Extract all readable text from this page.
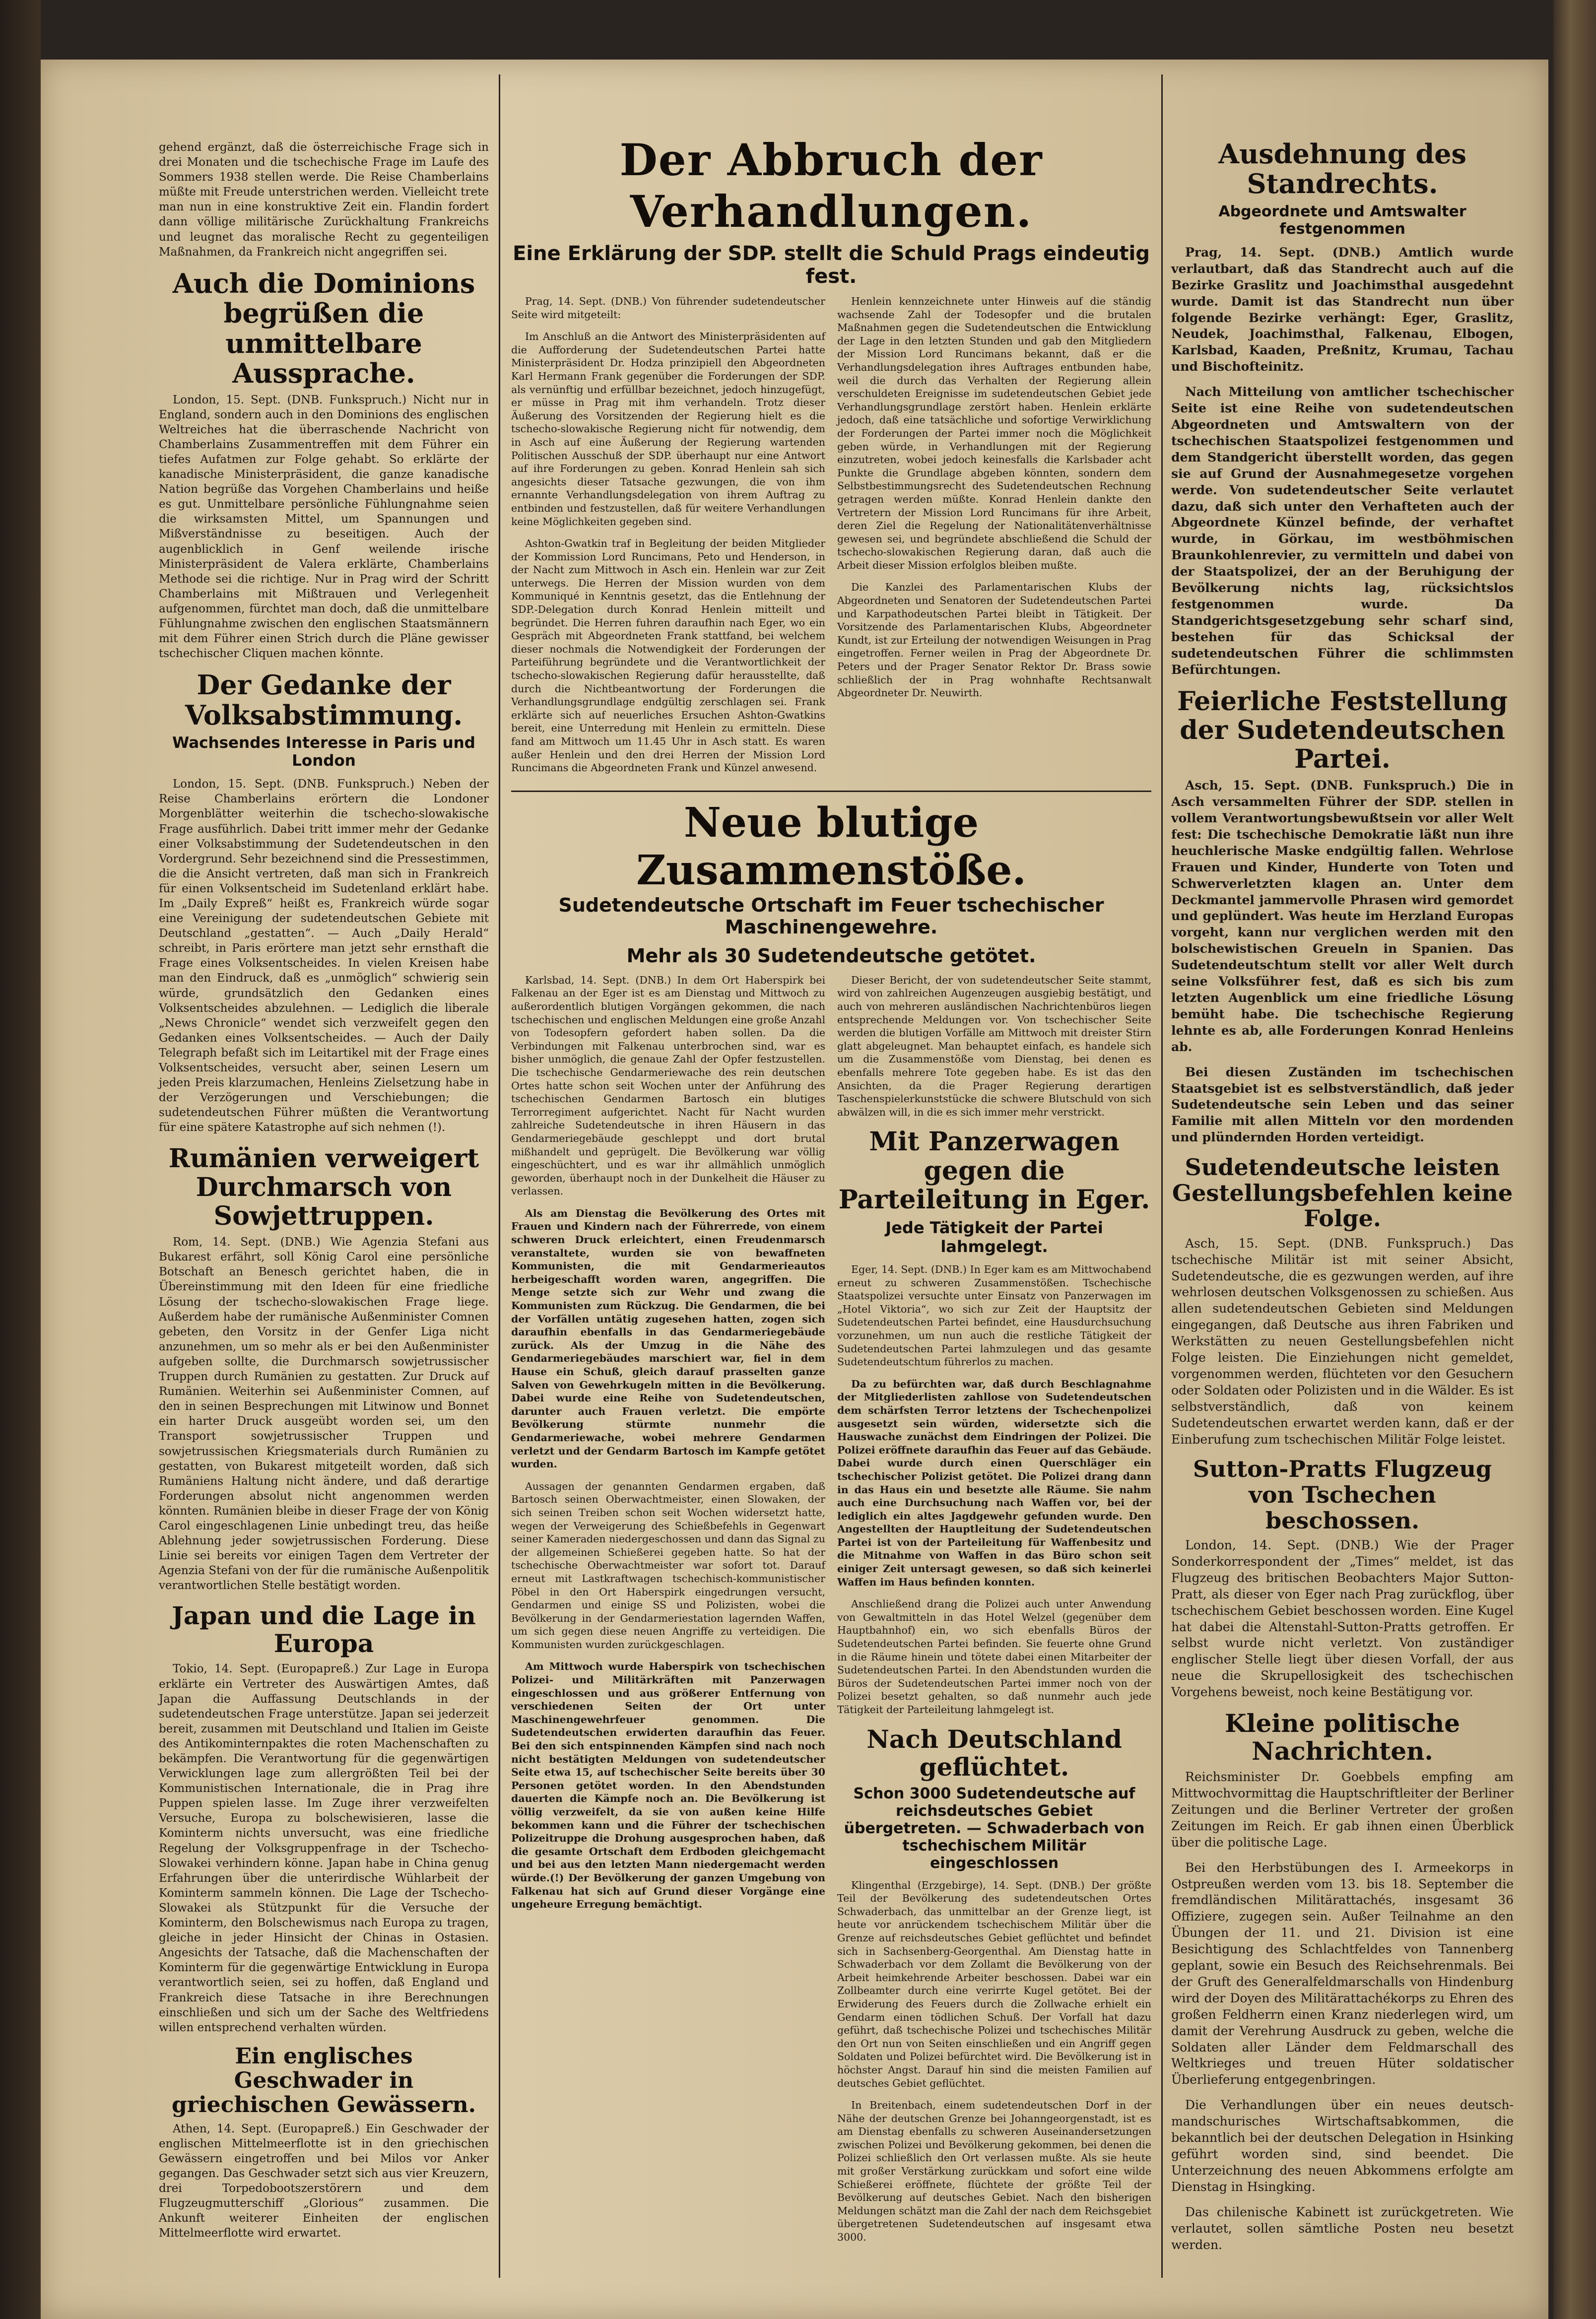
gehend ergänzt, daß die österreichische Frage sich in drei Monaten und die tschechische Frage im Laufe des Sommers 1938 stellen werde. Die Reise Chamberlains müßte mit Freude unterstrichen werden. Vielleicht trete man nun in eine konstruktive Zeit ein. Flandin fordert dann völlige militärische Zurückhaltung Frankreichs und leugnet das moralische Recht zu gegenteiligen Maßnahmen, da Frankreich nicht angegriffen sei.

Auch die Dominions begrüßen die unmittelbare Aussprache.

London, 15. Sept. (DNB. Funkspruch.) Nicht nur in England, sondern auch in den Dominions des englischen Weltreiches hat die überraschende Nachricht von Chamberlains Zusammentreffen mit dem Führer ein tiefes Aufatmen zur Folge gehabt. So erklärte der kanadische Ministerpräsident, die ganze kanadische Nation begrüße das Vorgehen Chamberlains und heiße es gut. Unmittelbare persönliche Fühlungnahme seien die wirksamsten Mittel, um Spannungen und Mißverständnisse zu beseitigen. Auch der augenblicklich in Genf weilende irische Ministerpräsident de Valera erklärte, Chamberlains Methode sei die richtige. Nur in Prag wird der Schritt Chamberlains mit Mißtrauen und Verlegenheit aufgenommen, fürchtet man doch, daß die unmittelbare Fühlungnahme zwischen den englischen Staatsmännern mit dem Führer einen Strich durch die Pläne gewisser tschechischer Cliquen machen könnte.

Der Gedanke der Volksabstimmung.
Wachsendes Interesse in Paris und London

London, 15. Sept. (DNB. Funkspruch.) Neben der Reise Chamberlains erörtern die Londoner Morgenblätter weiterhin die tschecho-slowakische Frage ausführlich. Dabei tritt immer mehr der Gedanke einer Volksabstimmung der Sudetendeutschen in den Vordergrund. Sehr bezeichnend sind die Pressestimmen, die die Ansicht vertreten, daß man sich in Frankreich für einen Volksentscheid im Sudetenland erklärt habe. Im „Daily Expreß“ heißt es, Frankreich würde sogar eine Vereinigung der sudetendeutschen Gebiete mit Deutschland „gestatten“. — Auch „Daily Herald“ schreibt, in Paris erörtere man jetzt sehr ernsthaft die Frage eines Volksentscheides. In vielen Kreisen habe man den Eindruck, daß es „unmöglich“ schwierig sein würde, grundsätzlich den Gedanken eines Volksentscheides abzulehnen. — Lediglich die liberale „News Chronicle“ wendet sich verzweifelt gegen den Gedanken eines Volksentscheides. — Auch der Daily Telegraph befaßt sich im Leitartikel mit der Frage eines Volksentscheides, versucht aber, seinen Lesern um jeden Preis klarzumachen, Henleins Zielsetzung habe in der Verzögerungen und Verschiebungen; die sudetendeutschen Führer müßten die Verantwortung für eine spätere Katastrophe auf sich nehmen (!).

Rumänien verweigert Durchmarsch von Sowjettruppen.

Rom, 14. Sept. (DNB.) Wie Agenzia Stefani aus Bukarest erfährt, soll König Carol eine persönliche Botschaft an Benesch gerichtet haben, die in Übereinstimmung mit den Ideen für eine friedliche Lösung der tschecho-slowakischen Frage liege. Außerdem habe der rumänische Außenminister Comnen gebeten, den Vorsitz in der Genfer Liga nicht anzunehmen, um so mehr als er bei den Außenminister aufgeben sollte, die Durchmarsch sowjetrussischer Truppen durch Rumänien zu gestatten. Zur Druck auf Rumänien. Weiterhin sei Außenminister Comnen, auf den in seinen Besprechungen mit Litwinow und Bonnet ein harter Druck ausgeübt worden sei, um den Transport sowjetrussischer Truppen und sowjetrussischen Kriegsmaterials durch Rumänien zu gestatten, von Bukarest mitgeteilt worden, daß sich Rumäniens Haltung nicht ändere, und daß derartige Forderungen absolut nicht angenommen werden könnten. Rumänien bleibe in dieser Frage der von König Carol eingeschlagenen Linie unbedingt treu, das heiße Ablehnung jeder sowjetrussischen Forderung. Diese Linie sei bereits vor einigen Tagen dem Vertreter der Agenzia Stefani von der für die rumänische Außenpolitik verantwortlichen Stelle bestätigt worden.

Japan und die Lage in Europa

Tokio, 14. Sept. (Europapreß.) Zur Lage in Europa erklärte ein Vertreter des Auswärtigen Amtes, daß Japan die Auffassung Deutschlands in der sudetendeutschen Frage unterstütze. Japan sei jederzeit bereit, zusammen mit Deutschland und Italien im Geiste des Antikominternpaktes die roten Machenschaften zu bekämpfen. Die Verantwortung für die gegenwärtigen Verwicklungen lage zum allergrößten Teil bei der Kommunistischen Internationale, die in Prag ihre Puppen spielen lasse. Im Zuge ihrer verzweifelten Versuche, Europa zu bolschewisieren, lasse die Kominterm nichts unversucht, was eine friedliche Regelung der Volksgruppenfrage in der Tschecho-Slowakei verhindern könne. Japan habe in China genug Erfahrungen über die unterirdische Wühlarbeit der Kominterm sammeln können. Die Lage der Tschecho-Slowakei als Stützpunkt für die Versuche der Kominterm, den Bolschewismus nach Europa zu tragen, gleiche in jeder Hinsicht der Chinas in Ostasien. Angesichts der Tatsache, daß die Machenschaften der Kominterm für die gegenwärtige Entwicklung in Europa verantwortlich seien, sei zu hoffen, daß England und Frankreich diese Tatsache in ihre Berechnungen einschließen und sich um der Sache des Weltfriedens willen entsprechend verhalten würden.

Ein englisches Geschwader in griechischen Gewässern.

Athen, 14. Sept. (Europapreß.) Ein Geschwader der englischen Mittelmeerflotte ist in den griechischen Gewässern eingetroffen und bei Milos vor Anker gegangen. Das Geschwader setzt sich aus vier Kreuzern, drei Torpedobootszerstörern und dem Flugzeugmutterschiff „Glorious“ zusammen. Die Ankunft weiterer Einheiten der englischen Mittelmeerflotte wird erwartet.

Der Abbruch der Verhandlungen.
Eine Erklärung der SDP. stellt die Schuld Prags eindeutig fest.

Prag, 14. Sept. (DNB.) Von führender sudetendeutscher Seite wird mitgeteilt:

Im Anschluß an die Antwort des Ministerpräsidenten auf die Aufforderung der Sudetendeutschen Partei hatte Ministerpräsident Dr. Hodza prinzipiell den Abgeordneten Karl Hermann Frank gegenüber die Forderungen der SDP. als vernünftig und erfüllbar bezeichnet, jedoch hinzugefügt, er müsse in Prag mit ihm verhandeln. Trotz dieser Äußerung des Vorsitzenden der Regierung hielt es die tschecho-slowakische Regierung nicht für notwendig, dem in Asch auf eine Äußerung der Regierung wartenden Politischen Ausschuß der SDP. überhaupt nur eine Antwort auf ihre Forderungen zu geben. Konrad Henlein sah sich angesichts dieser Tatsache gezwungen, die von ihm ernannte Verhandlungsdelegation von ihrem Auftrag zu entbinden und festzustellen, daß für weitere Verhandlungen keine Möglichkeiten gegeben sind.

Ashton-Gwatkin traf in Begleitung der beiden Mitglieder der Kommission Lord Runcimans, Peto und Henderson, in der Nacht zum Mittwoch in Asch ein. Henlein war zur Zeit unterwegs. Die Herren der Mission wurden von dem Kommuniqué in Kenntnis gesetzt, das die Entlehnung der SDP.-Delegation durch Konrad Henlein mitteilt und begründet. Die Herren fuhren daraufhin nach Eger, wo ein Gespräch mit Abgeordneten Frank stattfand, bei welchem dieser nochmals die Notwendigkeit der Forderungen der Parteiführung begründete und die Verantwortlichkeit der tschecho-slowakischen Regierung dafür herausstellte, daß durch die Nichtbeantwortung der Forderungen die Verhandlungsgrundlage endgültig zerschlagen sei. Frank erklärte sich auf neuerliches Ersuchen Ashton-Gwatkins bereit, eine Unterredung mit Henlein zu ermitteln. Diese fand am Mittwoch um 11.45 Uhr in Asch statt. Es waren außer Henlein und den drei Herren der Mission Lord Runcimans die Abgeordneten Frank und Künzel anwesend.

Henlein kennzeichnete unter Hinweis auf die ständig wachsende Zahl der Todesopfer und die brutalen Maßnahmen gegen die Sudetendeutschen die Entwicklung der Lage in den letzten Stunden und gab den Mitgliedern der Mission Lord Runcimans bekannt, daß er die Verhandlungsdelegation ihres Auftrages entbunden habe, weil die durch das Verhalten der Regierung allein verschuldeten Ereignisse im sudetendeutschen Gebiet jede Verhandlungsgrundlage zerstört haben. Henlein erklärte jedoch, daß eine tatsächliche und sofortige Verwirklichung der Forderungen der Partei immer noch die Möglichkeit geben würde, in Verhandlungen mit der Regierung einzutreten, wobei jedoch keinesfalls die Karlsbader acht Punkte die Grundlage abgeben könnten, sondern dem Selbstbestimmungsrecht des Sudetendeutschen Rechnung getragen werden müßte. Konrad Henlein dankte den Vertretern der Mission Lord Runcimans für ihre Arbeit, deren Ziel die Regelung der Nationalitätenverhältnisse gewesen sei, und begründete abschließend die Schuld der tschecho-slowakischen Regierung daran, daß auch die Arbeit dieser Mission erfolglos bleiben mußte.

Die Kanzlei des Parlamentarischen Klubs der Abgeordneten und Senatoren der Sudetendeutschen Partei und Karpathodeutschen Partei bleibt in Tätigkeit. Der Vorsitzende des Parlamentarischen Klubs, Abgeordneter Kundt, ist zur Erteilung der notwendigen Weisungen in Prag eingetroffen. Ferner weilen in Prag der Abgeordnete Dr. Peters und der Prager Senator Rektor Dr. Brass sowie schließlich der in Prag wohnhafte Rechtsanwalt Abgeordneter Dr. Neuwirth.

Neue blutige Zusammenstöße.
Sudetendeutsche Ortschaft im Feuer tschechischer Maschinengewehre.
Mehr als 30 Sudetendeutsche getötet.

Karlsbad, 14. Sept. (DNB.) In dem Ort Haberspirk bei Falkenau an der Eger ist es am Dienstag und Mittwoch zu außerordentlich blutigen Vorgängen gekommen, die nach tschechischen und englischen Meldungen eine große Anzahl von Todesopfern gefordert haben sollen. Da die Verbindungen mit Falkenau unterbrochen sind, war es bisher unmöglich, die genaue Zahl der Opfer festzustellen. Die tschechische Gendarmeriewache des rein deutschen Ortes hatte schon seit Wochen unter der Anführung des tschechischen Gendarmen Bartosch ein blutiges Terrorregiment aufgerichtet. Nacht für Nacht wurden zahlreiche Sudetendeutsche in ihren Häusern in das Gendarmeriegebäude geschleppt und dort brutal mißhandelt und geprügelt. Die Bevölkerung war völlig eingeschüchtert, und es war ihr allmählich unmöglich geworden, überhaupt noch in der Dunkelheit die Häuser zu verlassen.

Als am Dienstag die Bevölkerung des Ortes mit Frauen und Kindern nach der Führerrede, von einem schweren Druck erleichtert, einen Freudenmarsch veranstaltete, wurden sie von bewaffneten Kommunisten, die mit Gendarmerieautos herbeigeschafft worden waren, angegriffen. Die Menge setzte sich zur Wehr und zwang die Kommunisten zum Rückzug. Die Gendarmen, die bei der Vorfällen untätig zugesehen hatten, zogen sich daraufhin ebenfalls in das Gendarmeriegebäude zurück. Als der Umzug in die Nähe des Gendarmeriegebäudes marschiert war, fiel in dem Hause ein Schuß, gleich darauf prasselten ganze Salven von Gewehrkugeln mitten in die Bevölkerung. Dabei wurde eine Reihe von Sudetendeutschen, darunter auch Frauen verletzt. Die empörte Bevölkerung stürmte nunmehr die Gendarmeriewache, wobei mehrere Gendarmen verletzt und der Gendarm Bartosch im Kampfe getötet wurden.

Aussagen der genannten Gendarmen ergaben, daß Bartosch seinen Oberwachtmeister, einen Slowaken, der sich seinen Treiben schon seit Wochen widersetzt hatte, wegen der Verweigerung des Schießbefehls in Gegenwart seiner Kameraden niedergeschossen und dann das Signal zu der allgemeinen Schießerei gegeben hatte. So hat der tschechische Oberwachtmeister war sofort tot. Darauf erneut mit Lastkraftwagen tschechisch-kommunistischer Pöbel in den Ort Haberspirk eingedrungen versucht, Gendarmen und einige SS und Polizisten, wobei die Bevölkerung in der Gendarmeriestation lagernden Waffen, um sich gegen diese neuen Angriffe zu verteidigen. Die Kommunisten wurden zurückgeschlagen.

Am Mittwoch wurde Haberspirk von tschechischen Polizei- und Militärkräften mit Panzerwagen eingeschlossen und aus größerer Entfernung von verschiedenen Seiten der Ort unter Maschinengewehrfeuer genommen. Die Sudetendeutschen erwiderten daraufhin das Feuer. Bei den sich entspinnenden Kämpfen sind nach noch nicht bestätigten Meldungen von sudetendeutscher Seite etwa 15, auf tschechischer Seite bereits über 30 Personen getötet worden. In den Abendstunden dauerten die Kämpfe noch an. Die Bevölkerung ist völlig verzweifelt, da sie von außen keine Hilfe bekommen kann und die Führer der tschechischen Polizeitruppe die Drohung ausgesprochen haben, daß die gesamte Ortschaft dem Erdboden gleichgemacht und bei aus den letzten Mann niedergemacht werden würde.(!) Der Bevölkerung der ganzen Umgebung von Falkenau hat sich auf Grund dieser Vorgänge eine ungeheure Erregung bemächtigt.

Dieser Bericht, der von sudetendeutscher Seite stammt, wird von zahlreichen Augenzeugen ausgiebig bestätigt, und auch von mehreren ausländischen Nachrichtenbüros liegen entsprechende Meldungen vor. Von tschechischer Seite werden die blutigen Vorfälle am Mittwoch mit dreister Stirn glatt abgeleugnet. Man behauptet einfach, es handele sich um die Zusammenstöße vom Dienstag, bei denen es ebenfalls mehrere Tote gegeben habe. Es ist das den Ansichten, da die Prager Regierung derartigen Taschenspielerkunststücke die schwere Blutschuld von sich abwälzen will, in die es sich immer mehr verstrickt.

Mit Panzerwagen gegen die Parteileitung in Eger.
Jede Tätigkeit der Partei lahmgelegt.

Eger, 14. Sept. (DNB.) In Eger kam es am Mittwochabend erneut zu schweren Zusammenstößen. Tschechische Staatspolizei versuchte unter Einsatz von Panzerwagen im „Hotel Viktoria“, wo sich zur Zeit der Hauptsitz der Sudetendeutschen Partei befindet, eine Hausdurchsuchung vorzunehmen, um nun auch die restliche Tätigkeit der Sudetendeutschen Partei lahmzulegen und das gesamte Sudetendeutschtum führerlos zu machen.

Da zu befürchten war, daß durch Beschlagnahme der Mitgliederlisten zahllose von Sudetendeutschen dem schärfsten Terror letztens der Tschechenpolizei ausgesetzt sein würden, widersetzte sich die Hauswache zunächst dem Eindringen der Polizei. Die Polizei eröffnete daraufhin das Feuer auf das Gebäude. Dabei wurde durch einen Querschläger ein tschechischer Polizist getötet. Die Polizei drang dann in das Haus ein und besetzte alle Räume. Sie nahm auch eine Durchsuchung nach Waffen vor, bei der lediglich ein altes Jagdgewehr gefunden wurde. Den Angestellten der Hauptleitung der Sudetendeutschen Partei ist von der Parteileitung für Waffenbesitz und die Mitnahme von Waffen in das Büro schon seit einiger Zeit untersagt gewesen, so daß sich keinerlei Waffen im Haus befinden konnten.

Anschließend drang die Polizei auch unter Anwendung von Gewaltmitteln in das Hotel Welzel (gegenüber dem Hauptbahnhof) ein, wo sich ebenfalls Büros der Sudetendeutschen Partei befinden. Sie feuerte ohne Grund in die Räume hinein und tötete dabei einen Mitarbeiter der Sudetendeutschen Partei. In den Abendstunden wurden die Büros der Sudetendeutschen Partei immer noch von der Polizei besetzt gehalten, so daß nunmehr auch jede Tätigkeit der Parteileitung lahmgelegt ist.

Nach Deutschland geflüchtet.
Schon 3000 Sudetendeutsche auf reichsdeutsches Gebiet übergetreten. — Schwaderbach von tschechischem Militär eingeschlossen

Klingenthal (Erzgebirge), 14. Sept. (DNB.) Der größte Teil der Bevölkerung des sudetendeutschen Ortes Schwaderbach, das unmittelbar an der Grenze liegt, ist heute vor anrückendem tschechischem Militär über die Grenze auf reichsdeutsches Gebiet geflüchtet und befindet sich in Sachsenberg-Georgenthal. Am Dienstag hatte in Schwaderbach vor dem Zollamt die Bevölkerung von der Arbeit heimkehrende Arbeiter beschossen. Dabei war ein Zollbeamter durch eine verirrte Kugel getötet. Bei der Erwiderung des Feuers durch die Zollwache erhielt ein Gendarm einen tödlichen Schuß. Der Vorfall hat dazu geführt, daß tschechische Polizei und tschechisches Militär den Ort nun von Seiten einschließen und ein Angriff gegen Soldaten und Polizei befürchtet wird. Die Bevölkerung ist in höchster Angst. Darauf hin sind die meisten Familien auf deutsches Gebiet geflüchtet.

In Breitenbach, einem sudetendeutschen Dorf in der Nähe der deutschen Grenze bei Johanngeorgenstadt, ist es am Dienstag ebenfalls zu schweren Auseinandersetzungen zwischen Polizei und Bevölkerung gekommen, bei denen die Polizei schließlich den Ort verlassen mußte. Als sie heute mit großer Verstärkung zurückkam und sofort eine wilde Schießerei eröffnete, flüchtete der größte Teil der Bevölkerung auf deutsches Gebiet. Nach den bisherigen Meldungen schätzt man die Zahl der nach dem Reichsgebiet übergetretenen Sudetendeutschen auf insgesamt etwa 3000.

Ausdehnung des Standrechts.
Abgeordnete und Amtswalter festgenommen

Prag, 14. Sept. (DNB.) Amtlich wurde verlautbart, daß das Standrecht auch auf die Bezirke Graslitz und Joachimsthal ausgedehnt wurde. Damit ist das Standrecht nun über folgende Bezirke verhängt: Eger, Graslitz, Neudek, Joachimsthal, Falkenau, Elbogen, Karlsbad, Kaaden, Preßnitz, Krumau, Tachau und Bischofteinitz.

Nach Mitteilung von amtlicher tschechischer Seite ist eine Reihe von sudetendeutschen Abgeordneten und Amtswaltern von der tschechischen Staatspolizei festgenommen und dem Standgericht überstellt worden, das gegen sie auf Grund der Ausnahmegesetze vorgehen werde. Von sudetendeutscher Seite verlautet dazu, daß sich unter den Verhafteten auch der Abgeordnete Künzel befinde, der verhaftet wurde, in Görkau, im westböhmischen Braunkohlenrevier, zu vermitteln und dabei von der Staatspolizei, der an der Beruhigung der Bevölkerung nichts lag, rücksichtslos festgenommen wurde. Da Standgerichtsgesetzgebung sehr scharf sind, bestehen für das Schicksal der sudetendeutschen Führer die schlimmsten Befürchtungen.

Feierliche Feststellung der Sudetendeutschen Partei.

Asch, 15. Sept. (DNB. Funkspruch.) Die in Asch versammelten Führer der SDP. stellen in vollem Verantwortungsbewußtsein vor aller Welt fest: Die tschechische Demokratie läßt nun ihre heuchlerische Maske endgültig fallen. Wehrlose Frauen und Kinder, Hunderte von Toten und Schwerverletzten klagen an. Unter dem Deckmantel jammervolle Phrasen wird gemordet und geplündert. Was heute im Herzland Europas vorgeht, kann nur verglichen werden mit den bolschewistischen Greueln in Spanien. Das Sudetendeutschtum stellt vor aller Welt durch seine Volksführer fest, daß es sich bis zum letzten Augenblick um eine friedliche Lösung bemüht habe. Die tschechische Regierung lehnte es ab, alle Forderungen Konrad Henleins ab.

Bei diesen Zuständen im tschechischen Staatsgebiet ist es selbstverständlich, daß jeder Sudetendeutsche sein Leben und das seiner Familie mit allen Mitteln vor den mordenden und plündernden Horden verteidigt.

Sudetendeutsche leisten Gestellungsbefehlen keine Folge.

Asch, 15. Sept. (DNB. Funkspruch.) Das tschechische Militär ist mit seiner Absicht, Sudetendeutsche, die es gezwungen werden, auf ihre wehrlosen deutschen Volksgenossen zu schießen. Aus allen sudetendeutschen Gebieten sind Meldungen eingegangen, daß Deutsche aus ihren Fabriken und Werkstätten zu neuen Gestellungsbefehlen nicht Folge leisten. Die Einziehungen nicht gemeldet, vorgenommen werden, flüchteten vor den Gesuchern oder Soldaten oder Polizisten und in die Wälder. Es ist selbstverständlich, daß von keinem Sudetendeutschen erwartet werden kann, daß er der Einberufung zum tschechischen Militär Folge leistet.

Sutton-Pratts Flugzeug von Tschechen beschossen.

London, 14. Sept. (DNB.) Wie der Prager Sonderkorrespondent der „Times“ meldet, ist das Flugzeug des britischen Beobachters Major Sutton-Pratt, als dieser von Eger nach Prag zurückflog, über tschechischem Gebiet beschossen worden. Eine Kugel hat dabei die Altenstahl-Sutton-Pratts getroffen. Er selbst wurde nicht verletzt. Von zuständiger englischer Stelle liegt über diesen Vorfall, der aus neue die Skrupellosigkeit des tschechischen Vorgehens beweist, noch keine Bestätigung vor.

Kleine politische Nachrichten.

Reichsminister Dr. Goebbels empfing am Mittwochvormittag die Hauptschriftleiter der Berliner Zeitungen und die Berliner Vertreter der großen Zeitungen im Reich. Er gab ihnen einen Überblick über die politische Lage.

Bei den Herbstübungen des I. Armeekorps in Ostpreußen werden vom 13. bis 18. September die fremdländischen Militärattachés, insgesamt 36 Offiziere, zugegen sein. Außer Teilnahme an den Übungen der 11. und 21. Division ist eine Besichtigung des Schlachtfeldes von Tannenberg geplant, sowie ein Besuch des Reichsehrenmals. Bei der Gruft des Generalfeldmarschalls von Hindenburg wird der Doyen des Militärattachékorps zu Ehren des großen Feldherrn einen Kranz niederlegen wird, um damit der Verehrung Ausdruck zu geben, welche die Soldaten aller Länder dem Feldmarschall des Weltkrieges und treuen Hüter soldatischer Überlieferung entgegenbringen.

Die Verhandlungen über ein neues deutsch-mandschurisches Wirtschaftsabkommen, die bekanntlich bei der deutschen Delegation in Hsinking geführt worden sind, sind beendet. Die Unterzeichnung des neuen Abkommens erfolgte am Dienstag in Hsingking.

Das chilenische Kabinett ist zurückgetreten. Wie verlautet, sollen sämtliche Posten neu besetzt werden.
